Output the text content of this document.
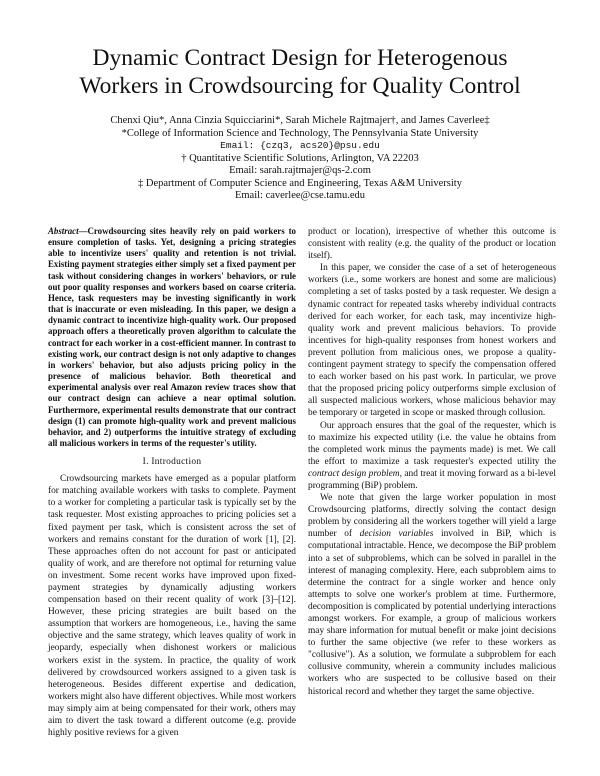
Dynamic Contract Design for Heterogenous
Workers in Crowdsourcing for Quality Control
Chenxi Qiu*, Anna Cinzia Squicciarini*, Sarah Michele Rajtmajer†, and James Caverlee‡
*College of Information Science and Technology, The Pennsylvania State University
Email: {czq3, acs20}@psu.edu
† Quantitative Scientific Solutions, Arlington, VA 22203
Email: sarah.rajtmajer@qs-2.com
‡ Department of Computer Science and Engineering, Texas A&M University
Email: caverlee@cse.tamu.edu

Abstract—Crowdsourcing sites heavily rely on paid workers to ensure completion of tasks. Yet, designing a pricing strategies able to incentivize users' quality and retention is not trivial. Existing payment strategies either simply set a fixed payment per task without considering changes in workers' behaviors, or rule out poor quality responses and workers based on coarse criteria. Hence, task requesters may be investing significantly in work that is inaccurate or even misleading. In this paper, we design a dynamic contract to incentivize high-quality work. Our proposed approach offers a theoretically proven algorithm to calculate the contract for each worker in a cost-efficient manner. In contrast to existing work, our contract design is not only adaptive to changes in workers' behavior, but also adjusts pricing policy in the presence of malicious behavior. Both theoretical and experimental analysis over real Amazon review traces show that our contract design can achieve a near optimal solution. Furthermore, experimental results demonstrate that our contract design (1) can promote high-quality work and prevent malicious behavior, and 2) outperforms the intuitive strategy of excluding all malicious workers in terms of the requester's utility.

I. Introduction

Crowdsourcing markets have emerged as a popular platform for matching available workers with tasks to complete. Payment to a worker for completing a particular task is typically set by the task requester. Most existing approaches to pricing policies set a fixed payment per task, which is consistent across the set of workers and remains constant for the duration of work [1], [2]. These approaches often do not account for past or anticipated quality of work, and are therefore not optimal for returning value on investment. Some recent works have improved upon fixed-payment strategies by dynamically adjusting workers compensation based on their recent quality of work [3]–[12]. However, these pricing strategies are built based on the assumption that workers are homogeneous, i.e., having the same objective and the same strategy, which leaves quality of work in jeopardy, especially when dishonest workers or malicious workers exist in the system. In practice, the quality of work delivered by crowdsourced workers assigned to a given task is heterogeneous. Besides different expertise and dedication, workers might also have different objectives. While most workers may simply aim at being compensated for their work, others may aim to divert the task toward a different outcome (e.g. provide highly positive reviews for a given

product or location), irrespective of whether this outcome is consistent with reality (e.g. the quality of the product or location itself).

In this paper, we consider the case of a set of heterogeneous workers (i.e., some workers are honest and some are malicious) completing a set of tasks posted by a task requester. We design a dynamic contract for repeated tasks whereby individual contracts derived for each worker, for each task, may incentivize high-quality work and prevent malicious behaviors. To provide incentives for high-quality responses from honest workers and prevent pollution from malicious ones, we propose a quality-contingent payment strategy to specify the compensation offered to each worker based on his past work. In particular, we prove that the proposed pricing policy outperforms simple exclusion of all suspected malicious workers, whose malicious behavior may be temporary or targeted in scope or masked through collusion.

Our approach ensures that the goal of the requester, which is to maximize his expected utility (i.e. the value he obtains from the completed work minus the payments made) is met. We call the effort to maximize a task requester's expected utility the contract design problem, and treat it moving forward as a bi-level programming (BiP) problem.

We note that given the large worker population in most Crowdsourcing platforms, directly solving the contact design problem by considering all the workers together will yield a large number of decision variables involved in BiP, which is computational intractable. Hence, we decompose the BiP problem into a set of subproblems, which can be solved in parallel in the interest of managing complexity. Here, each subproblem aims to determine the contract for a single worker and hence only attempts to solve one worker's problem at time. Furthermore, decomposition is complicated by potential underlying interactions amongst workers. For example, a group of malicious workers may share information for mutual benefit or make joint decisions to further the same objective (we refer to these workers as "collusive"). As a solution, we formulate a subproblem for each collusive community, wherein a community includes malicious workers who are suspected to be collusive based on their historical record and whether they target the same objective.
